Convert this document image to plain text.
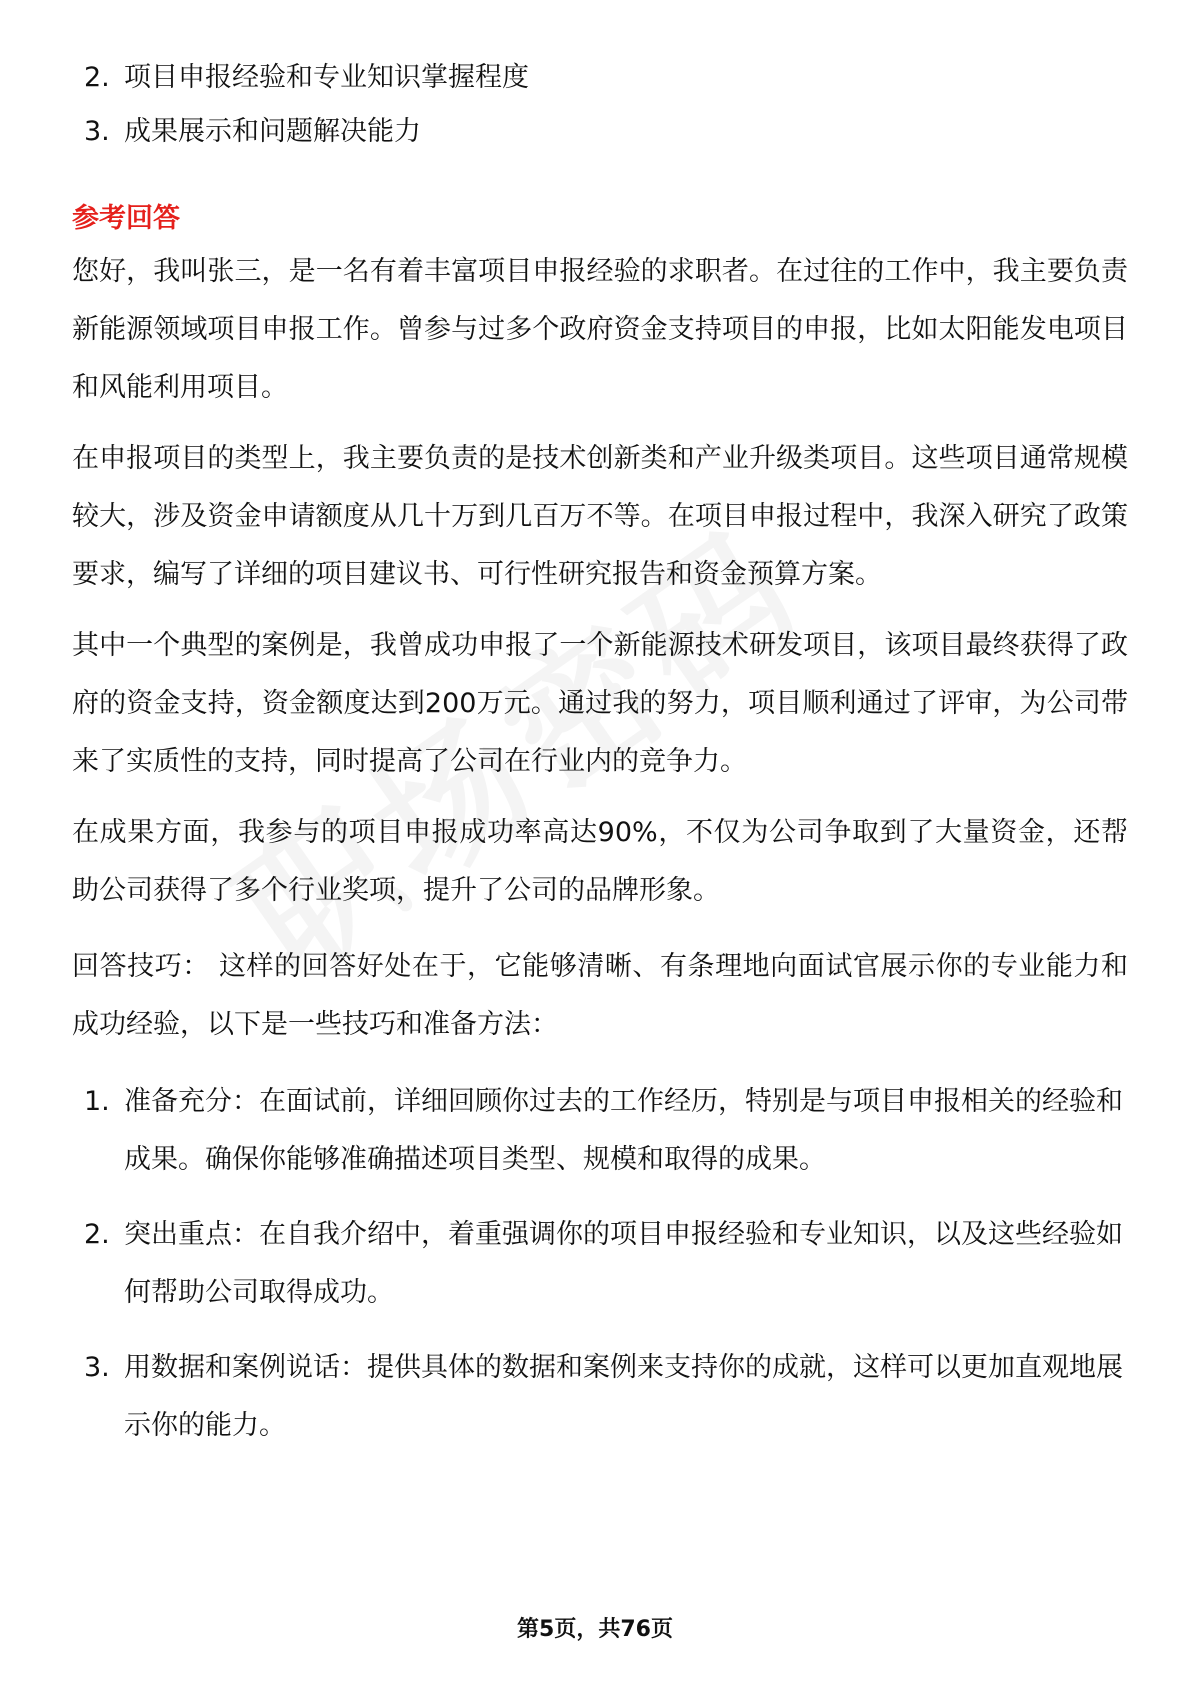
2. 项目申报经验和专业知识掌握程度
3. 成果展示和问题解决能力
参考回答
您好，我叫张三，是一名有着丰富项目申报经验的求职者。在过往的工作中，我主要负责新能源领域项目申报工作。曾参与过多个政府资金支持项目的申报，比如太阳能发电项目和风能利用项目。
在申报项目的类型上，我主要负责的是技术创新类和产业升级类项目。这些项目通常规模较大，涉及资金申请额度从几十万到几百万不等。在项目申报过程中，我深入研究了政策要求，编写了详细的项目建议书、可行性研究报告和资金预算方案。
其中一个典型的案例是，我曾成功申报了一个新能源技术研发项目，该项目最终获得了政府的资金支持，资金额度达到200万元。通过我的努力，项目顺利通过了评审，为公司带来了实质性的支持，同时提高了公司在行业内的竞争力。
在成果方面，我参与的项目申报成功率高达90%，不仅为公司争取到了大量资金，还帮助公司获得了多个行业奖项，提升了公司的品牌形象。
回答技巧： 这样的回答好处在于，它能够清晰、有条理地向面试官展示你的专业能力和成功经验，以下是一些技巧和准备方法：
1. 准备充分：在面试前，详细回顾你过去的工作经历，特别是与项目申报相关的经验和成果。确保你能够准确描述项目类型、规模和取得的成果。
2. 突出重点：在自我介绍中，着重强调你的项目申报经验和专业知识，以及这些经验如何帮助公司取得成功。
3. 用数据和案例说话：提供具体的数据和案例来支持你的成就，这样可以更加直观地展示你的能力。
第5页，共76页
